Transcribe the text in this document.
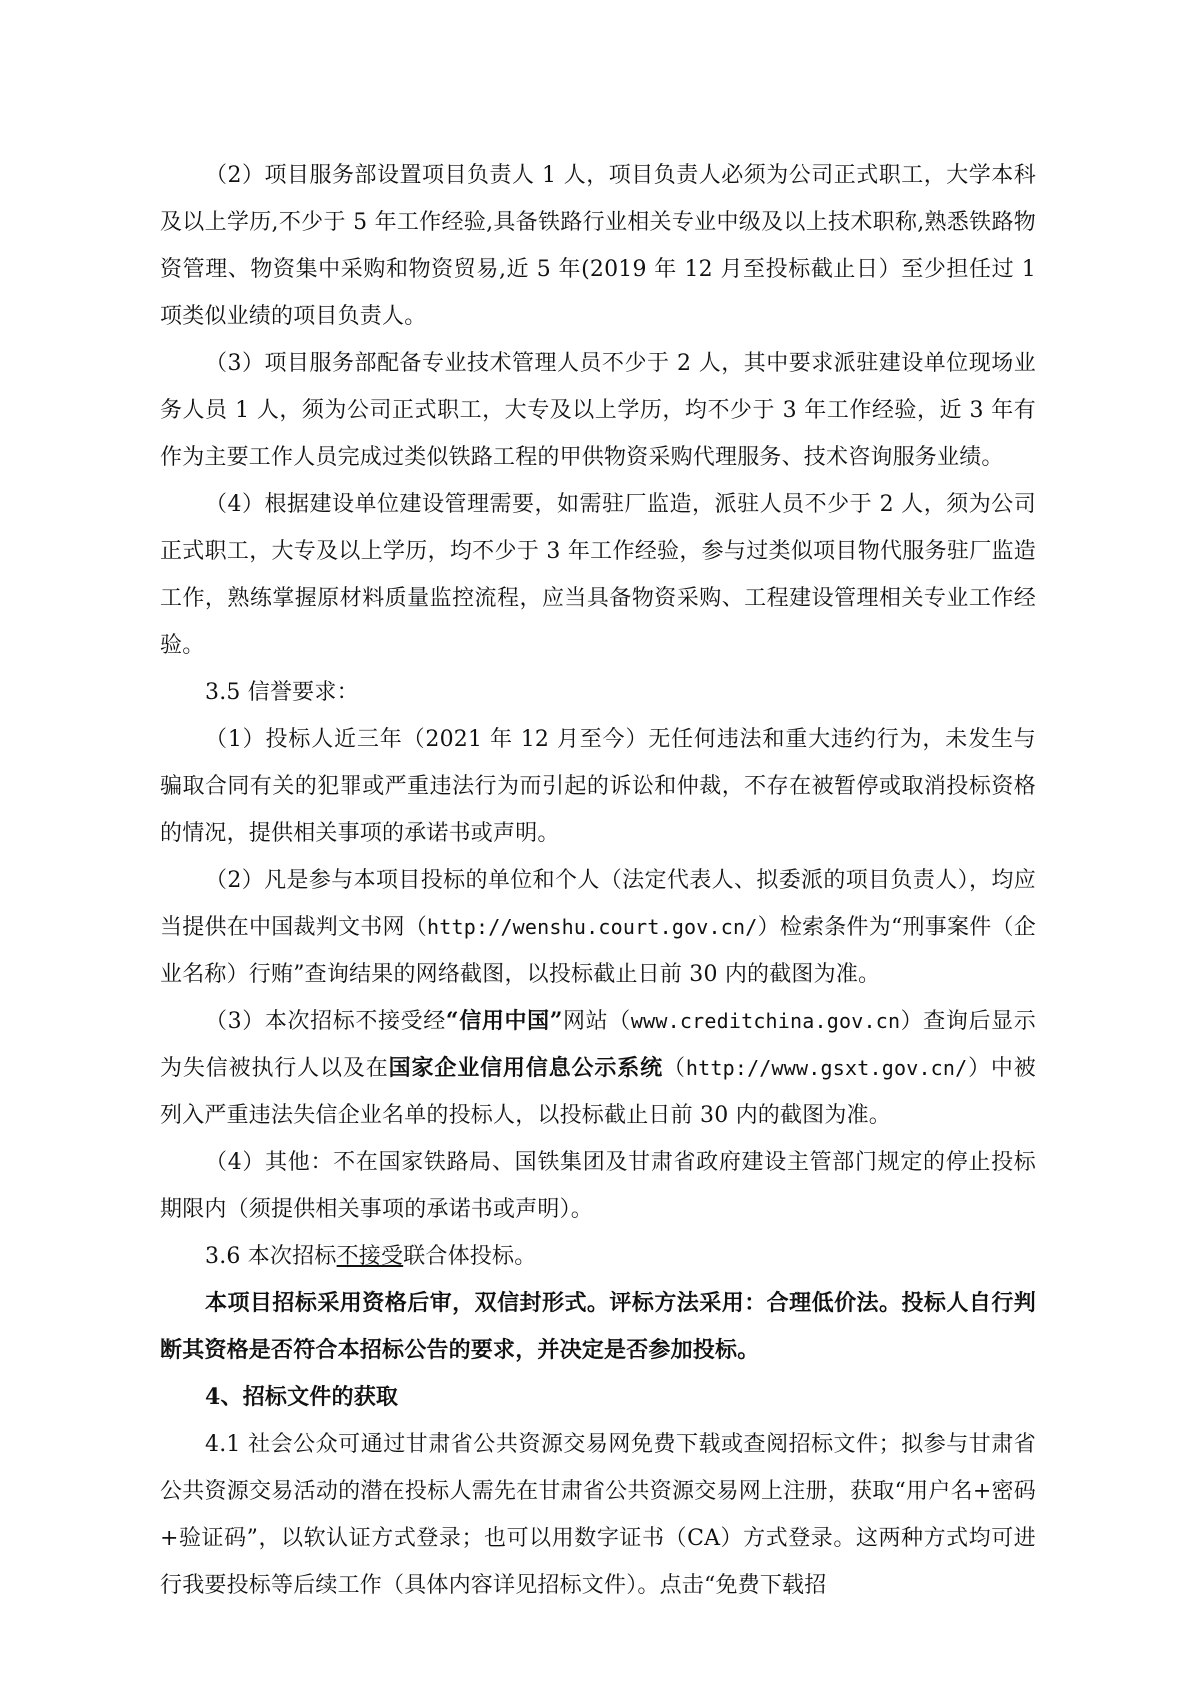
（2）项目服务部设置项目负责人 1 人，项目负责人必须为公司正式职工，大学本科及以上学历,不少于 5 年工作经验,具备铁路行业相关专业中级及以上技术职称,熟悉铁路物资管理、物资集中采购和物资贸易,近 5 年(2019 年 12 月至投标截止日）至少担任过 1 项类似业绩的项目负责人。

（3）项目服务部配备专业技术管理人员不少于 2 人，其中要求派驻建设单位现场业务人员 1 人，须为公司正式职工，大专及以上学历，均不少于 3 年工作经验，近 3 年有作为主要工作人员完成过类似铁路工程的甲供物资采购代理服务、技术咨询服务业绩。

（4）根据建设单位建设管理需要，如需驻厂监造，派驻人员不少于 2 人，须为公司正式职工，大专及以上学历，均不少于 3 年工作经验，参与过类似项目物代服务驻厂监造工作，熟练掌握原材料质量监控流程，应当具备物资采购、工程建设管理相关专业工作经验。

3.5 信誉要求：

（1）投标人近三年（2021 年 12 月至今）无任何违法和重大违约行为，未发生与骗取合同有关的犯罪或严重违法行为而引起的诉讼和仲裁，不存在被暂停或取消投标资格的情况，提供相关事项的承诺书或声明。

（2）凡是参与本项目投标的单位和个人（法定代表人、拟委派的项目负责人），均应当提供在中国裁判文书网（http://wenshu.court.gov.cn/）检索条件为“刑事案件（企业名称）行贿”查询结果的网络截图，以投标截止日前 30 内的截图为准。

（3）本次招标不接受经“信用中国”网站（www.creditchina.gov.cn）查询后显示为失信被执行人以及在国家企业信用信息公示系统（http://www.gsxt.gov.cn/）中被列入严重违法失信企业名单的投标人，以投标截止日前 30 内的截图为准。

（4）其他：不在国家铁路局、国铁集团及甘肃省政府建设主管部门规定的停止投标期限内（须提供相关事项的承诺书或声明）。

3.6 本次招标不接受联合体投标。

本项目招标采用资格后审，双信封形式。评标方法采用：合理低价法。投标人自行判断其资格是否符合本招标公告的要求，并决定是否参加投标。

4、招标文件的获取

4.1 社会公众可通过甘肃省公共资源交易网免费下载或查阅招标文件；拟参与甘肃省公共资源交易活动的潜在投标人需先在甘肃省公共资源交易网上注册，获取“用户名+密码+验证码”，以软认证方式登录；也可以用数字证书（CA）方式登录。这两种方式均可进行我要投标等后续工作（具体内容详见招标文件）。点击“免费下载招
